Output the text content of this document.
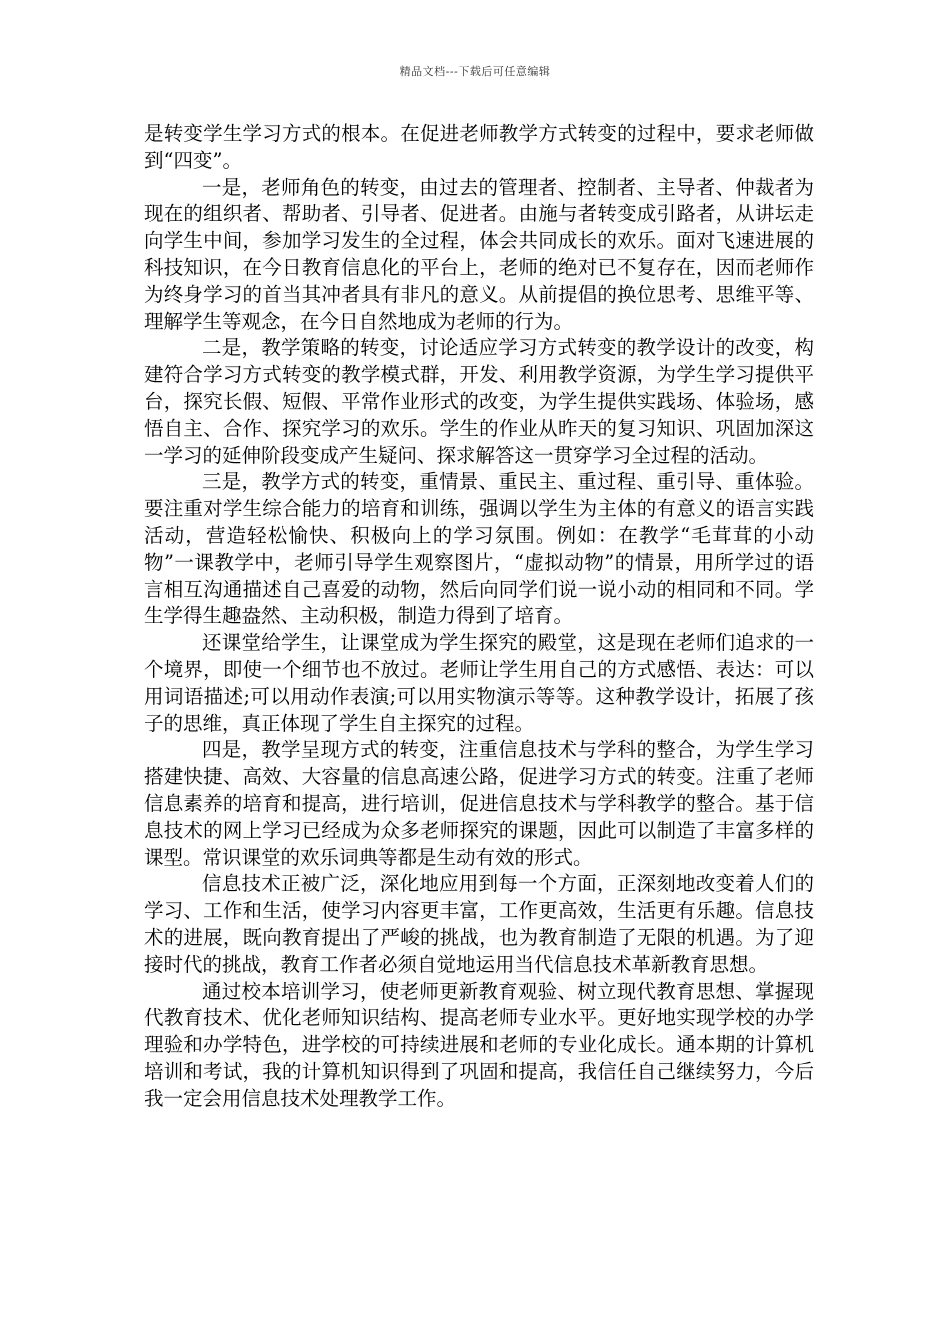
精品文档---下载后可任意编辑

是转变学生学习方式的根本。在促进老师教学方式转变的过程中，要求老师做到“四变”。

一是，老师角色的转变，由过去的管理者、控制者、主导者、仲裁者为现在的组织者、帮助者、引导者、促进者。由施与者转变成引路者，从讲坛走向学生中间，参加学习发生的全过程，体会共同成长的欢乐。面对飞速进展的科技知识，在今日教育信息化的平台上，老师的绝对已不复存在，因而老师作为终身学习的首当其冲者具有非凡的意义。从前提倡的换位思考、思维平等、理解学生等观念，在今日自然地成为老师的行为。

二是，教学策略的转变，讨论适应学习方式转变的教学设计的改变，构建符合学习方式转变的教学模式群，开发、利用教学资源，为学生学习提供平台，探究长假、短假、平常作业形式的改变，为学生提供实践场、体验场，感悟自主、合作、探究学习的欢乐。学生的作业从昨天的复习知识、巩固加深这一学习的延伸阶段变成产生疑问、探求解答这一贯穿学习全过程的活动。

三是，教学方式的转变，重情景、重民主、重过程、重引导、重体验。要注重对学生综合能力的培育和训练，强调以学生为主体的有意义的语言实践活动，营造轻松愉快、积极向上的学习氛围。例如：在教学“毛茸茸的小动物”一课教学中，老师引导学生观察图片，“虚拟动物”的情景，用所学过的语言相互沟通描述自己喜爱的动物，然后向同学们说一说小动的相同和不同。学生学得生趣盎然、主动积极，制造力得到了培育。

还课堂给学生，让课堂成为学生探究的殿堂，这是现在老师们追求的一个境界，即使一个细节也不放过。老师让学生用自己的方式感悟、表达：可以用词语描述;可以用动作表演;可以用实物演示等等。这种教学设计，拓展了孩子的思维，真正体现了学生自主探究的过程。

四是，教学呈现方式的转变，注重信息技术与学科的整合，为学生学习搭建快捷、高效、大容量的信息高速公路，促进学习方式的转变。注重了老师信息素养的培育和提高，进行培训，促进信息技术与学科教学的整合。基于信息技术的网上学习已经成为众多老师探究的课题，因此可以制造了丰富多样的课型。常识课堂的欢乐词典等都是生动有效的形式。

信息技术正被广泛，深化地应用到每一个方面，正深刻地改变着人们的学习、工作和生活，使学习内容更丰富，工作更高效，生活更有乐趣。信息技术的进展，既向教育提出了严峻的挑战，也为教育制造了无限的机遇。为了迎接时代的挑战，教育工作者必须自觉地运用当代信息技术革新教育思想。

通过校本培训学习，使老师更新教育观验、树立现代教育思想、掌握现代教育技术、优化老师知识结构、提高老师专业水平。更好地实现学校的办学理验和办学特色，进学校的可持续进展和老师的专业化成长。通本期的计算机培训和考试，我的计算机知识得到了巩固和提高，我信任自己继续努力，今后我一定会用信息技术处理教学工作。
